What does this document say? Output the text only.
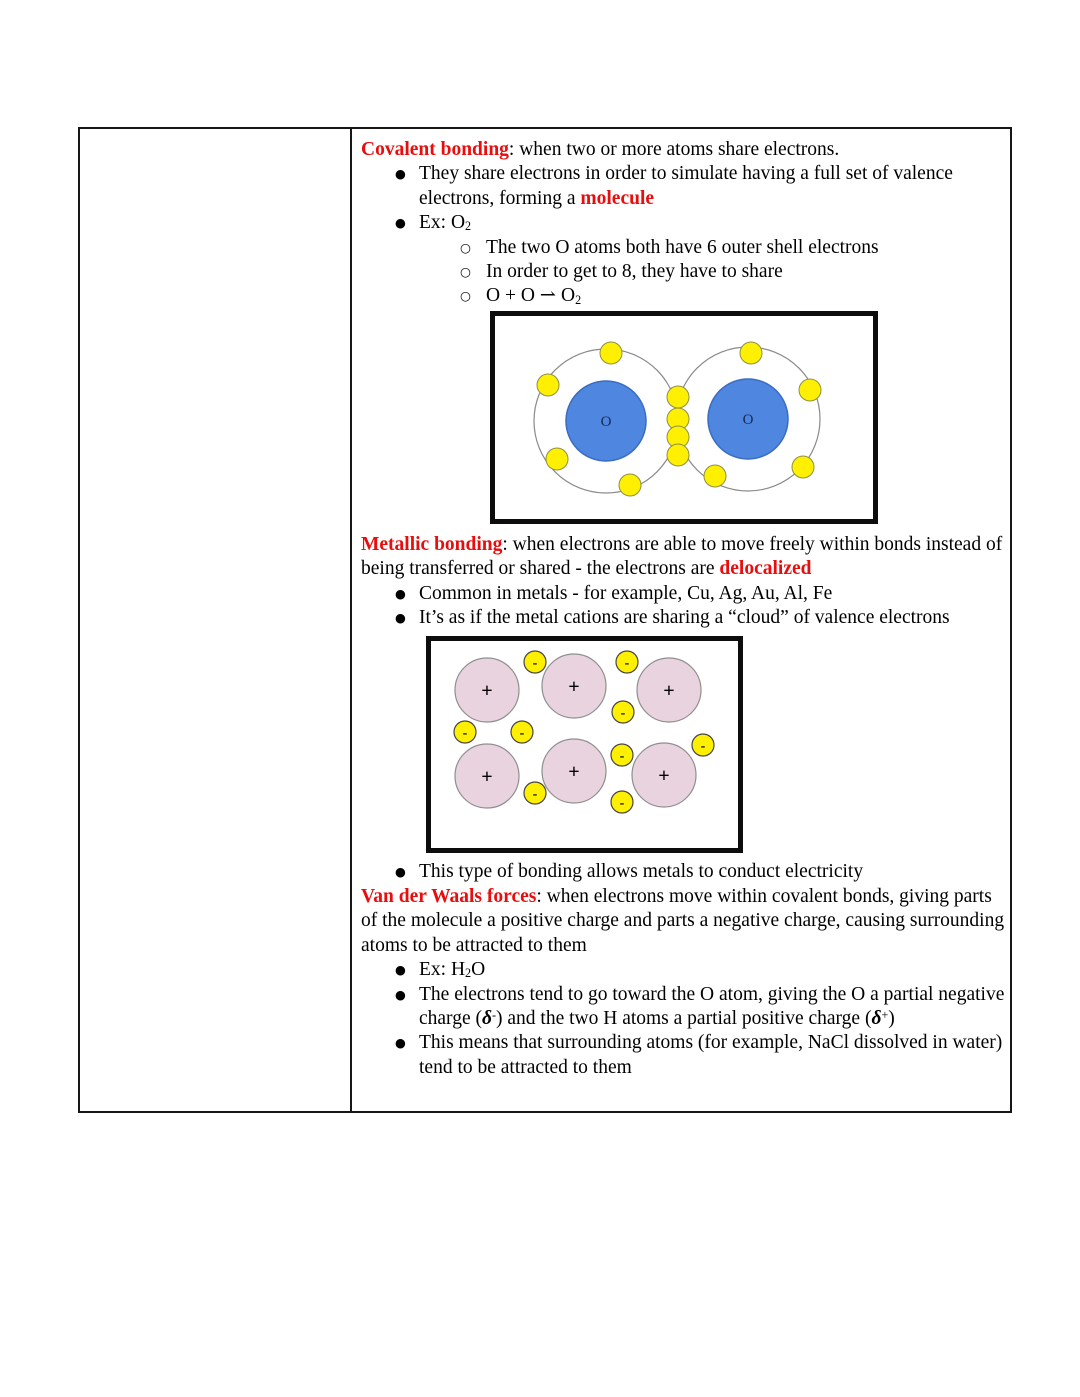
Covalent bonding: when two or more atoms share electrons.
● They share electrons in order to simulate having a full set of valence electrons, forming a molecule
● Ex: $O_2$
○ The two O atoms both have 6 outer shell electrons
○ In order to get to 8, they have to share
○ O + O ⇀ $O_2$
O	O
Metallic bonding: when electrons are able to move freely within bonds instead of being transferred or shared - the electrons are delocalized
● Common in metals - for example, Cu, Ag, Au, Al, Fe
● It’s as if the metal cations are sharing a “cloud” of valence electrons
+	+	+
+	+	+
-	-
-
-	-
-
-
-
-
● This type of bonding allows metals to conduct electricity
Van der Waals forces: when electrons move within covalent bonds, giving parts of the molecule a positive charge and parts a negative charge, causing surrounding atoms to be attracted to them
● Ex: $H_2O$
● The electrons tend to go toward the O atom, giving the O a partial negative charge (δ-) and the two H atoms a partial positive charge (δ+)
● This means that surrounding atoms (for example, NaCl dissolved in water) tend to be attracted to them
